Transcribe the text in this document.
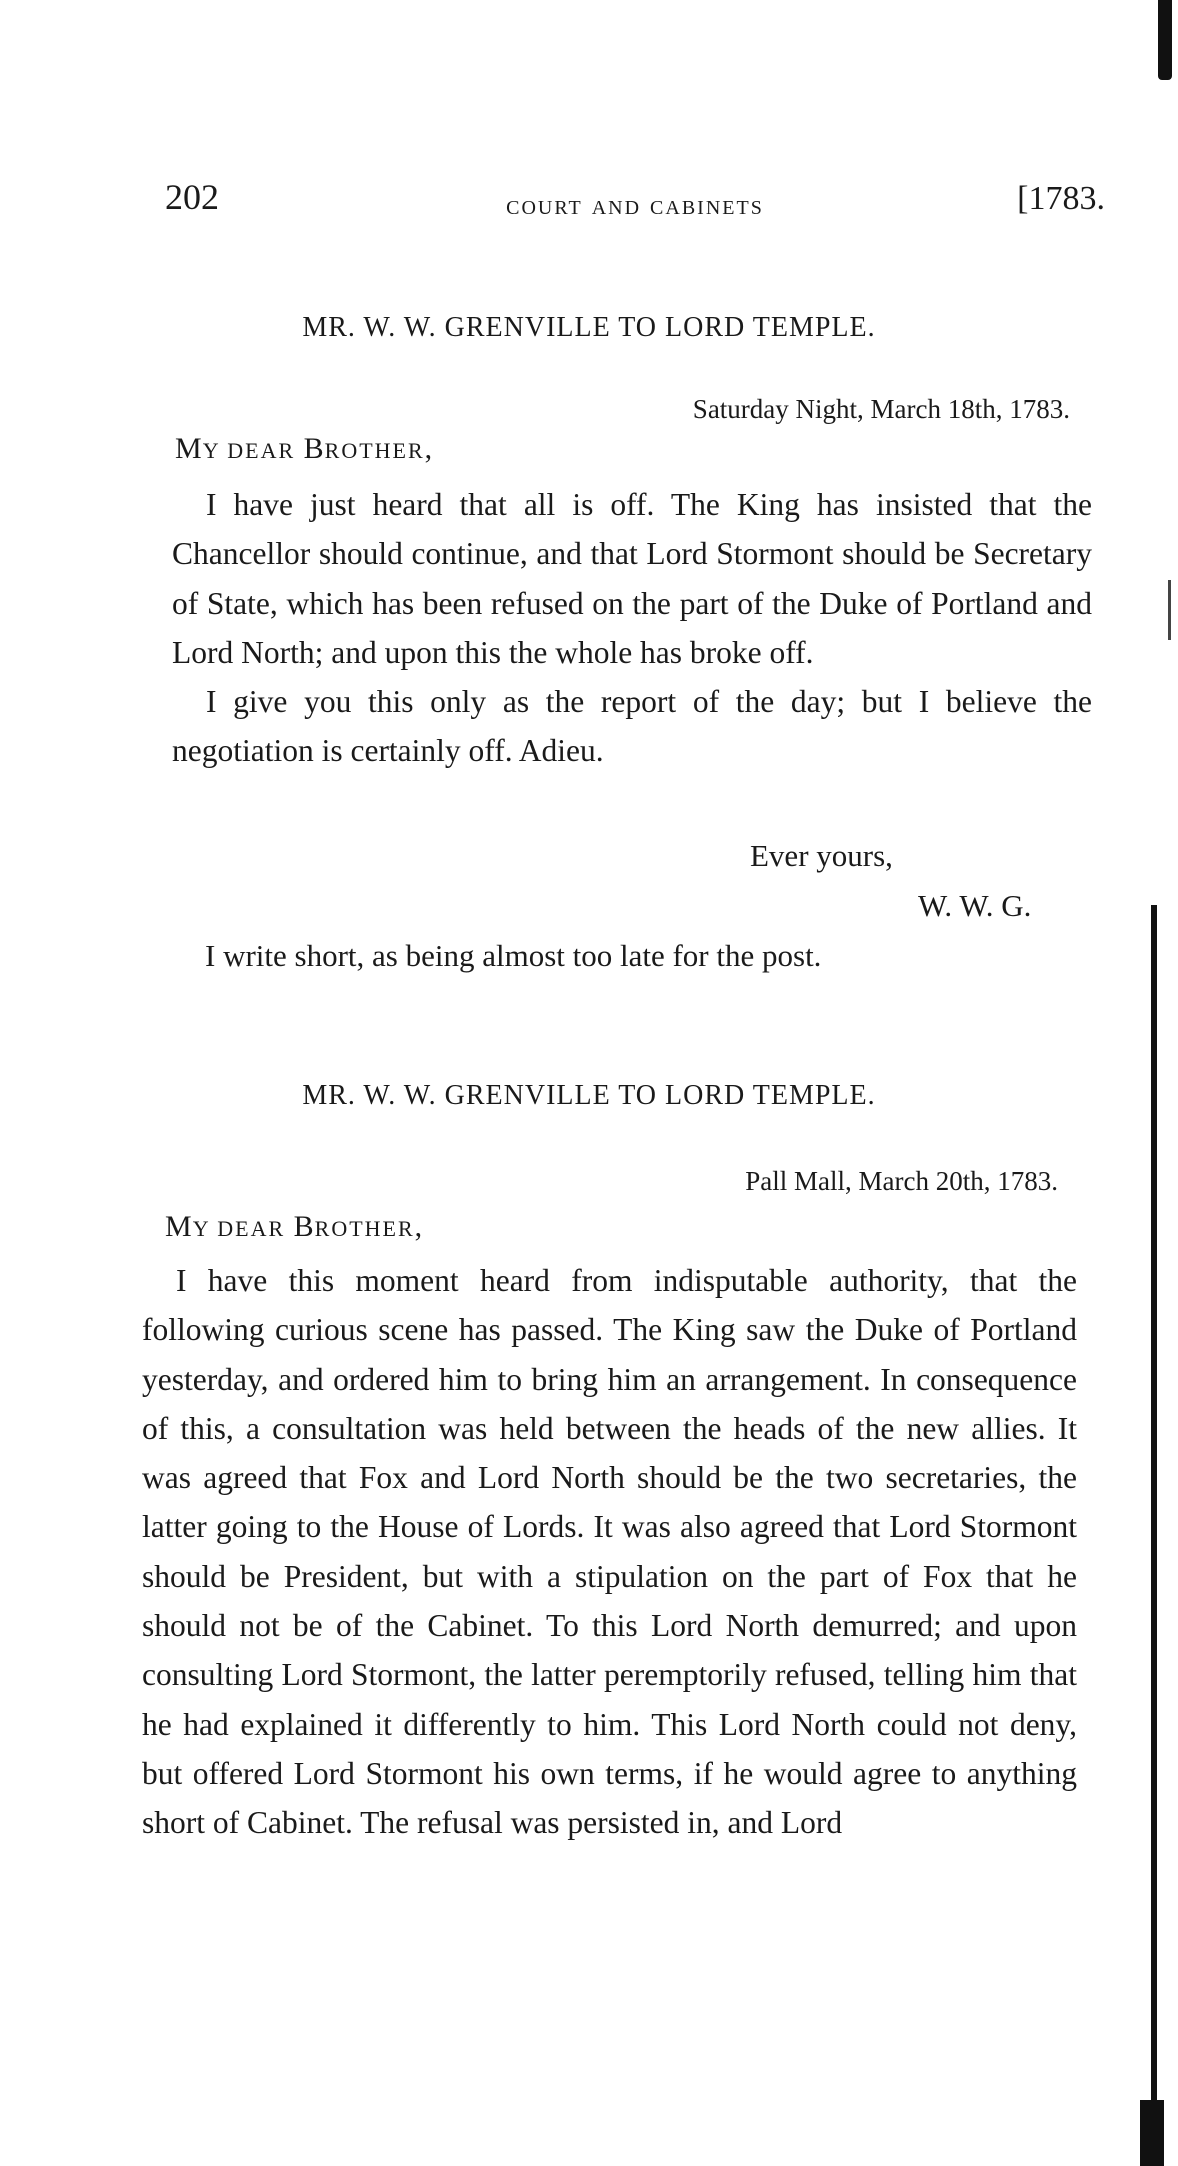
202	court and cabinets	[1783.
MR. W. W. GRENVILLE TO LORD TEMPLE.
Saturday Night, March 18th, 1783.
MY DEAR BROTHER,

I have just heard that all is off. The King has insisted that the Chancellor should continue, and that Lord Stormont should be Secretary of State, which has been refused on the part of the Duke of Portland and Lord North; and upon this the whole has broke off.

I give you this only as the report of the day; but I believe the negotiation is certainly off. Adieu.

Ever yours,
W. W. G.
I write short, as being almost too late for the post.
MR. W. W. GRENVILLE TO LORD TEMPLE.
Pall Mall, March 20th, 1783.
MY DEAR BROTHER,

I have this moment heard from indisputable authority, that the following curious scene has passed. The King saw the Duke of Portland yesterday, and ordered him to bring him an arrangement. In consequence of this, a consultation was held between the heads of the new allies. It was agreed that Fox and Lord North should be the two secretaries, the latter going to the House of Lords. It was also agreed that Lord Stormont should be President, but with a stipulation on the part of Fox that he should not be of the Cabinet. To this Lord North demurred; and upon consulting Lord Stormont, the latter peremptorily refused, telling him that he had explained it differently to him. This Lord North could not deny, but offered Lord Stormont his own terms, if he would agree to anything short of Cabinet. The refusal was persisted in, and Lord
